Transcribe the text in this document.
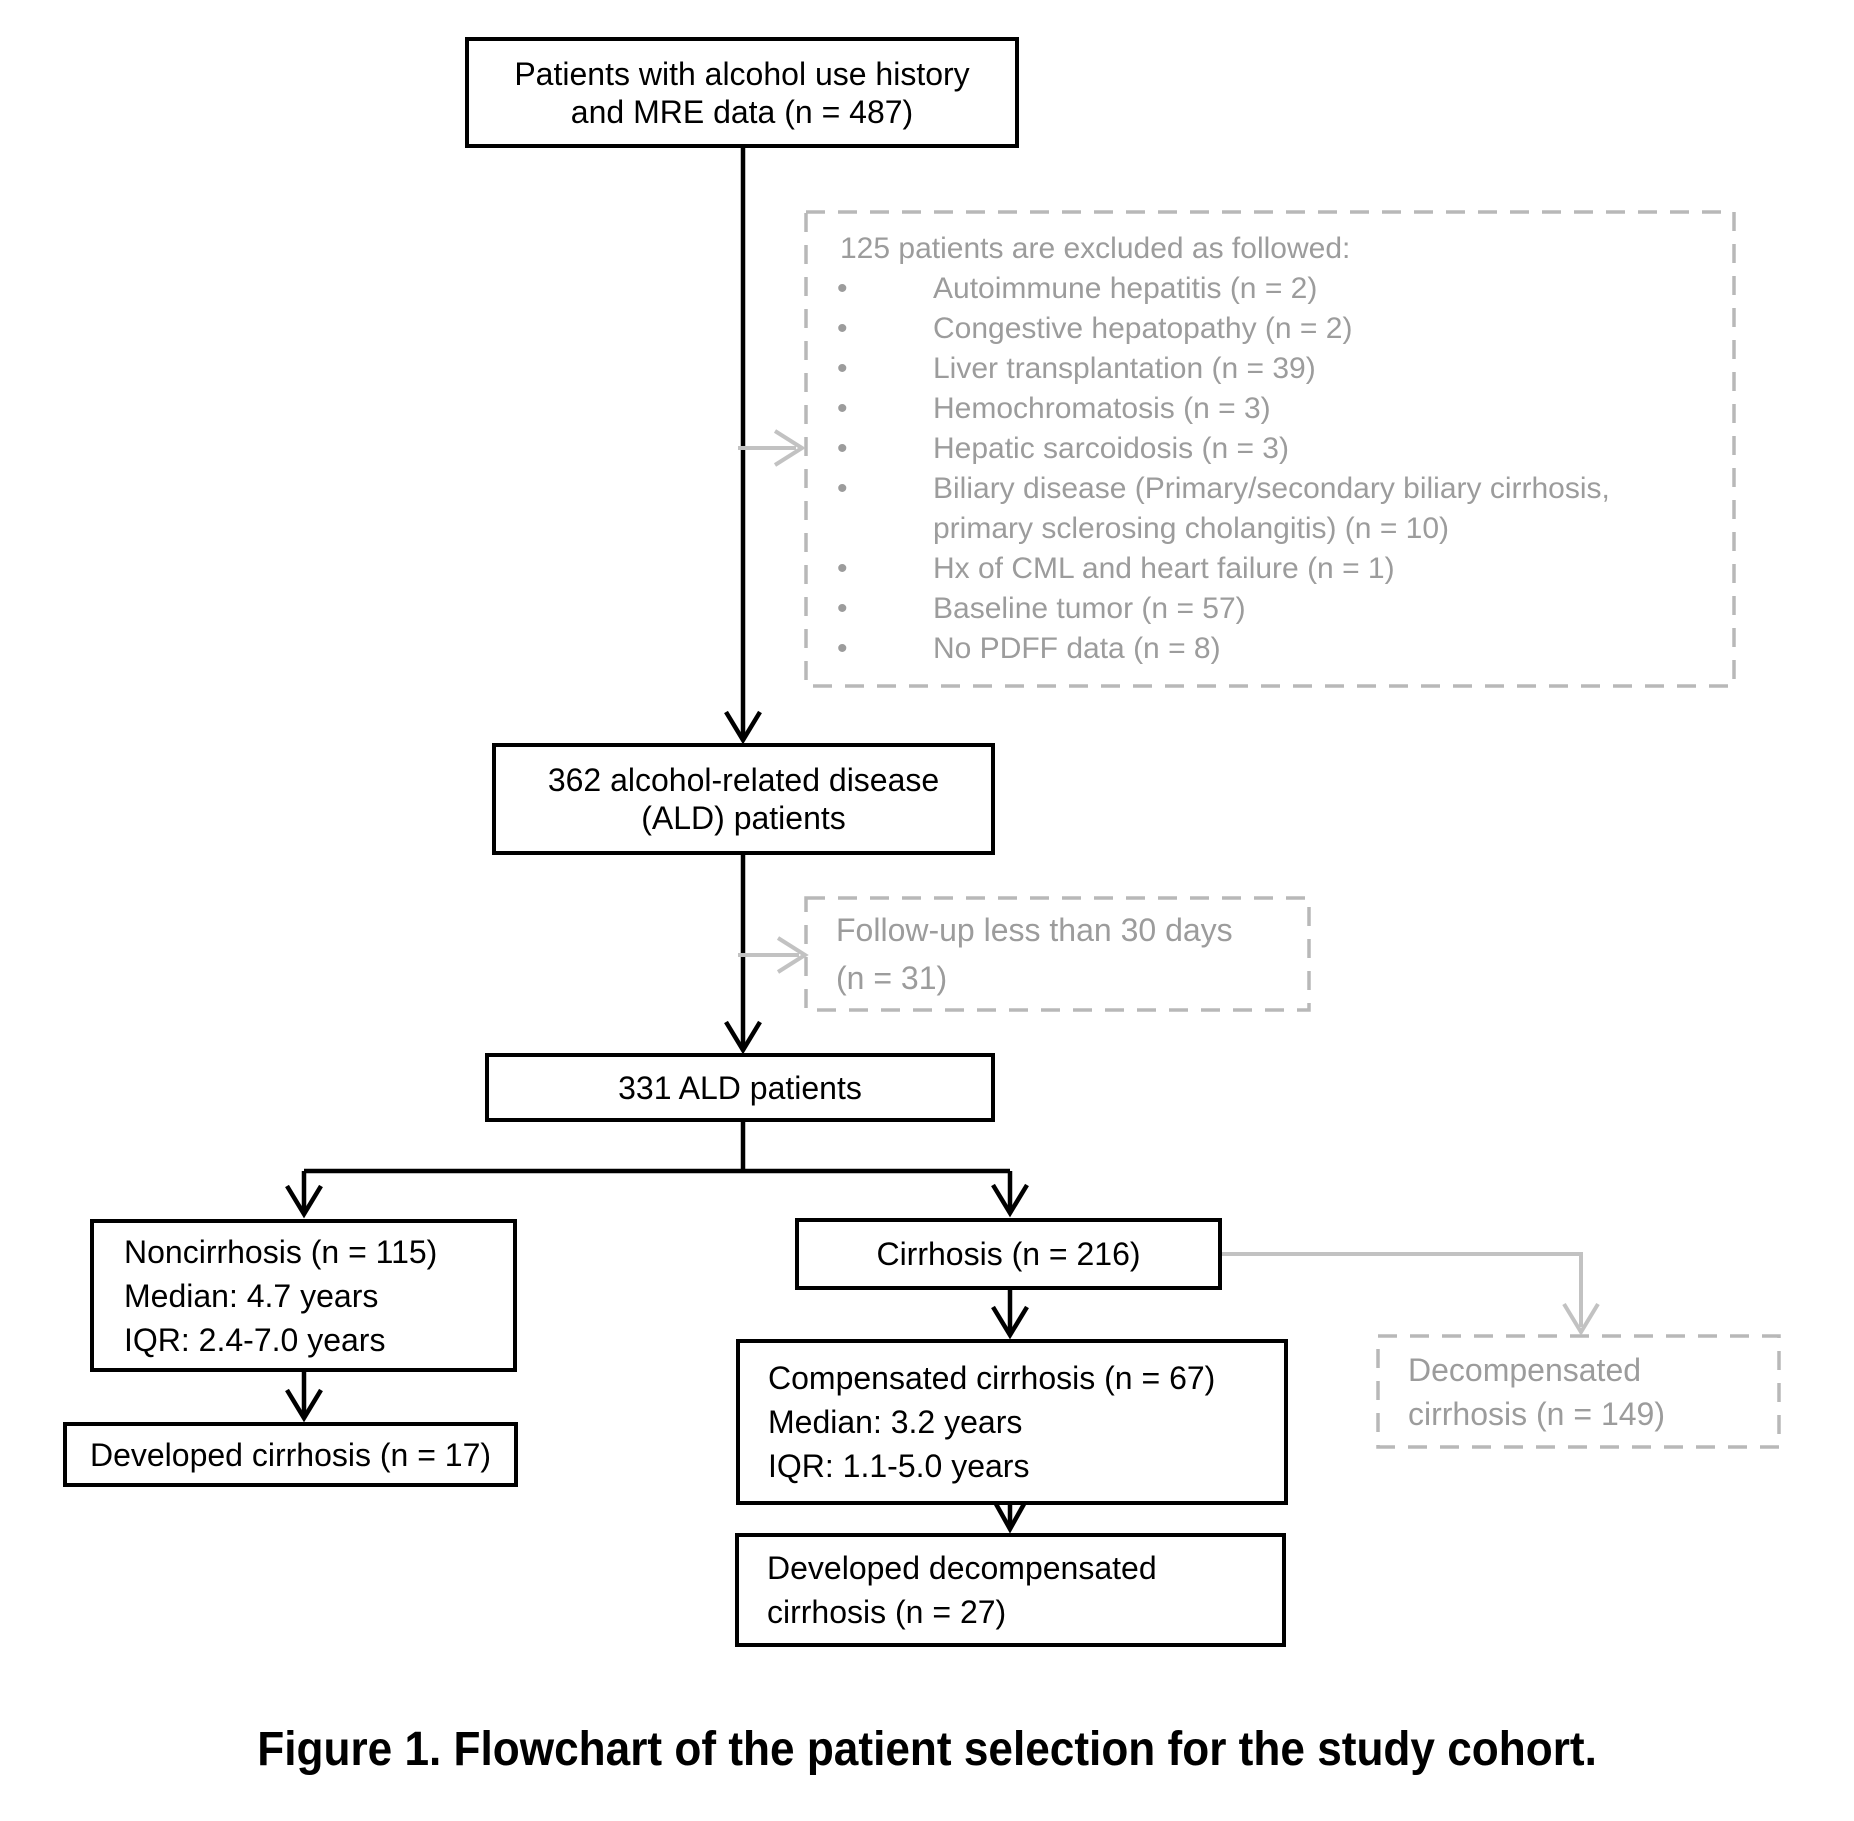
Patients with alcohol use history
and MRE data (n = 487)
362 alcohol-related disease
(ALD) patients
331 ALD patients
Noncirrhosis (n = 115)
Median: 4.7 years
IQR: 2.4-7.0 years
Developed cirrhosis (n = 17)
Cirrhosis (n = 216)
Compensated cirrhosis (n = 67)
Median: 3.2 years
IQR: 1.1-5.0 years
Developed decompensated
cirrhosis (n = 27)
Decompensated
cirrhosis (n = 149)
Follow-up less than 30 days
(n = 31)
125 patients are excluded as followed:
•	Autoimmune hepatitis (n = 2)
•	Congestive hepatopathy (n = 2)
•	Liver transplantation (n = 39)
•	Hemochromatosis (n = 3)
•	Hepatic sarcoidosis (n = 3)
•	Biliary disease (Primary/secondary biliary cirrhosis, primary sclerosing cholangitis) (n = 10)
•	Hx of CML and heart failure (n = 1)
•	Baseline tumor (n = 57)
•	No PDFF data (n = 8)
Figure 1. Flowchart of the patient selection for the study cohort.
